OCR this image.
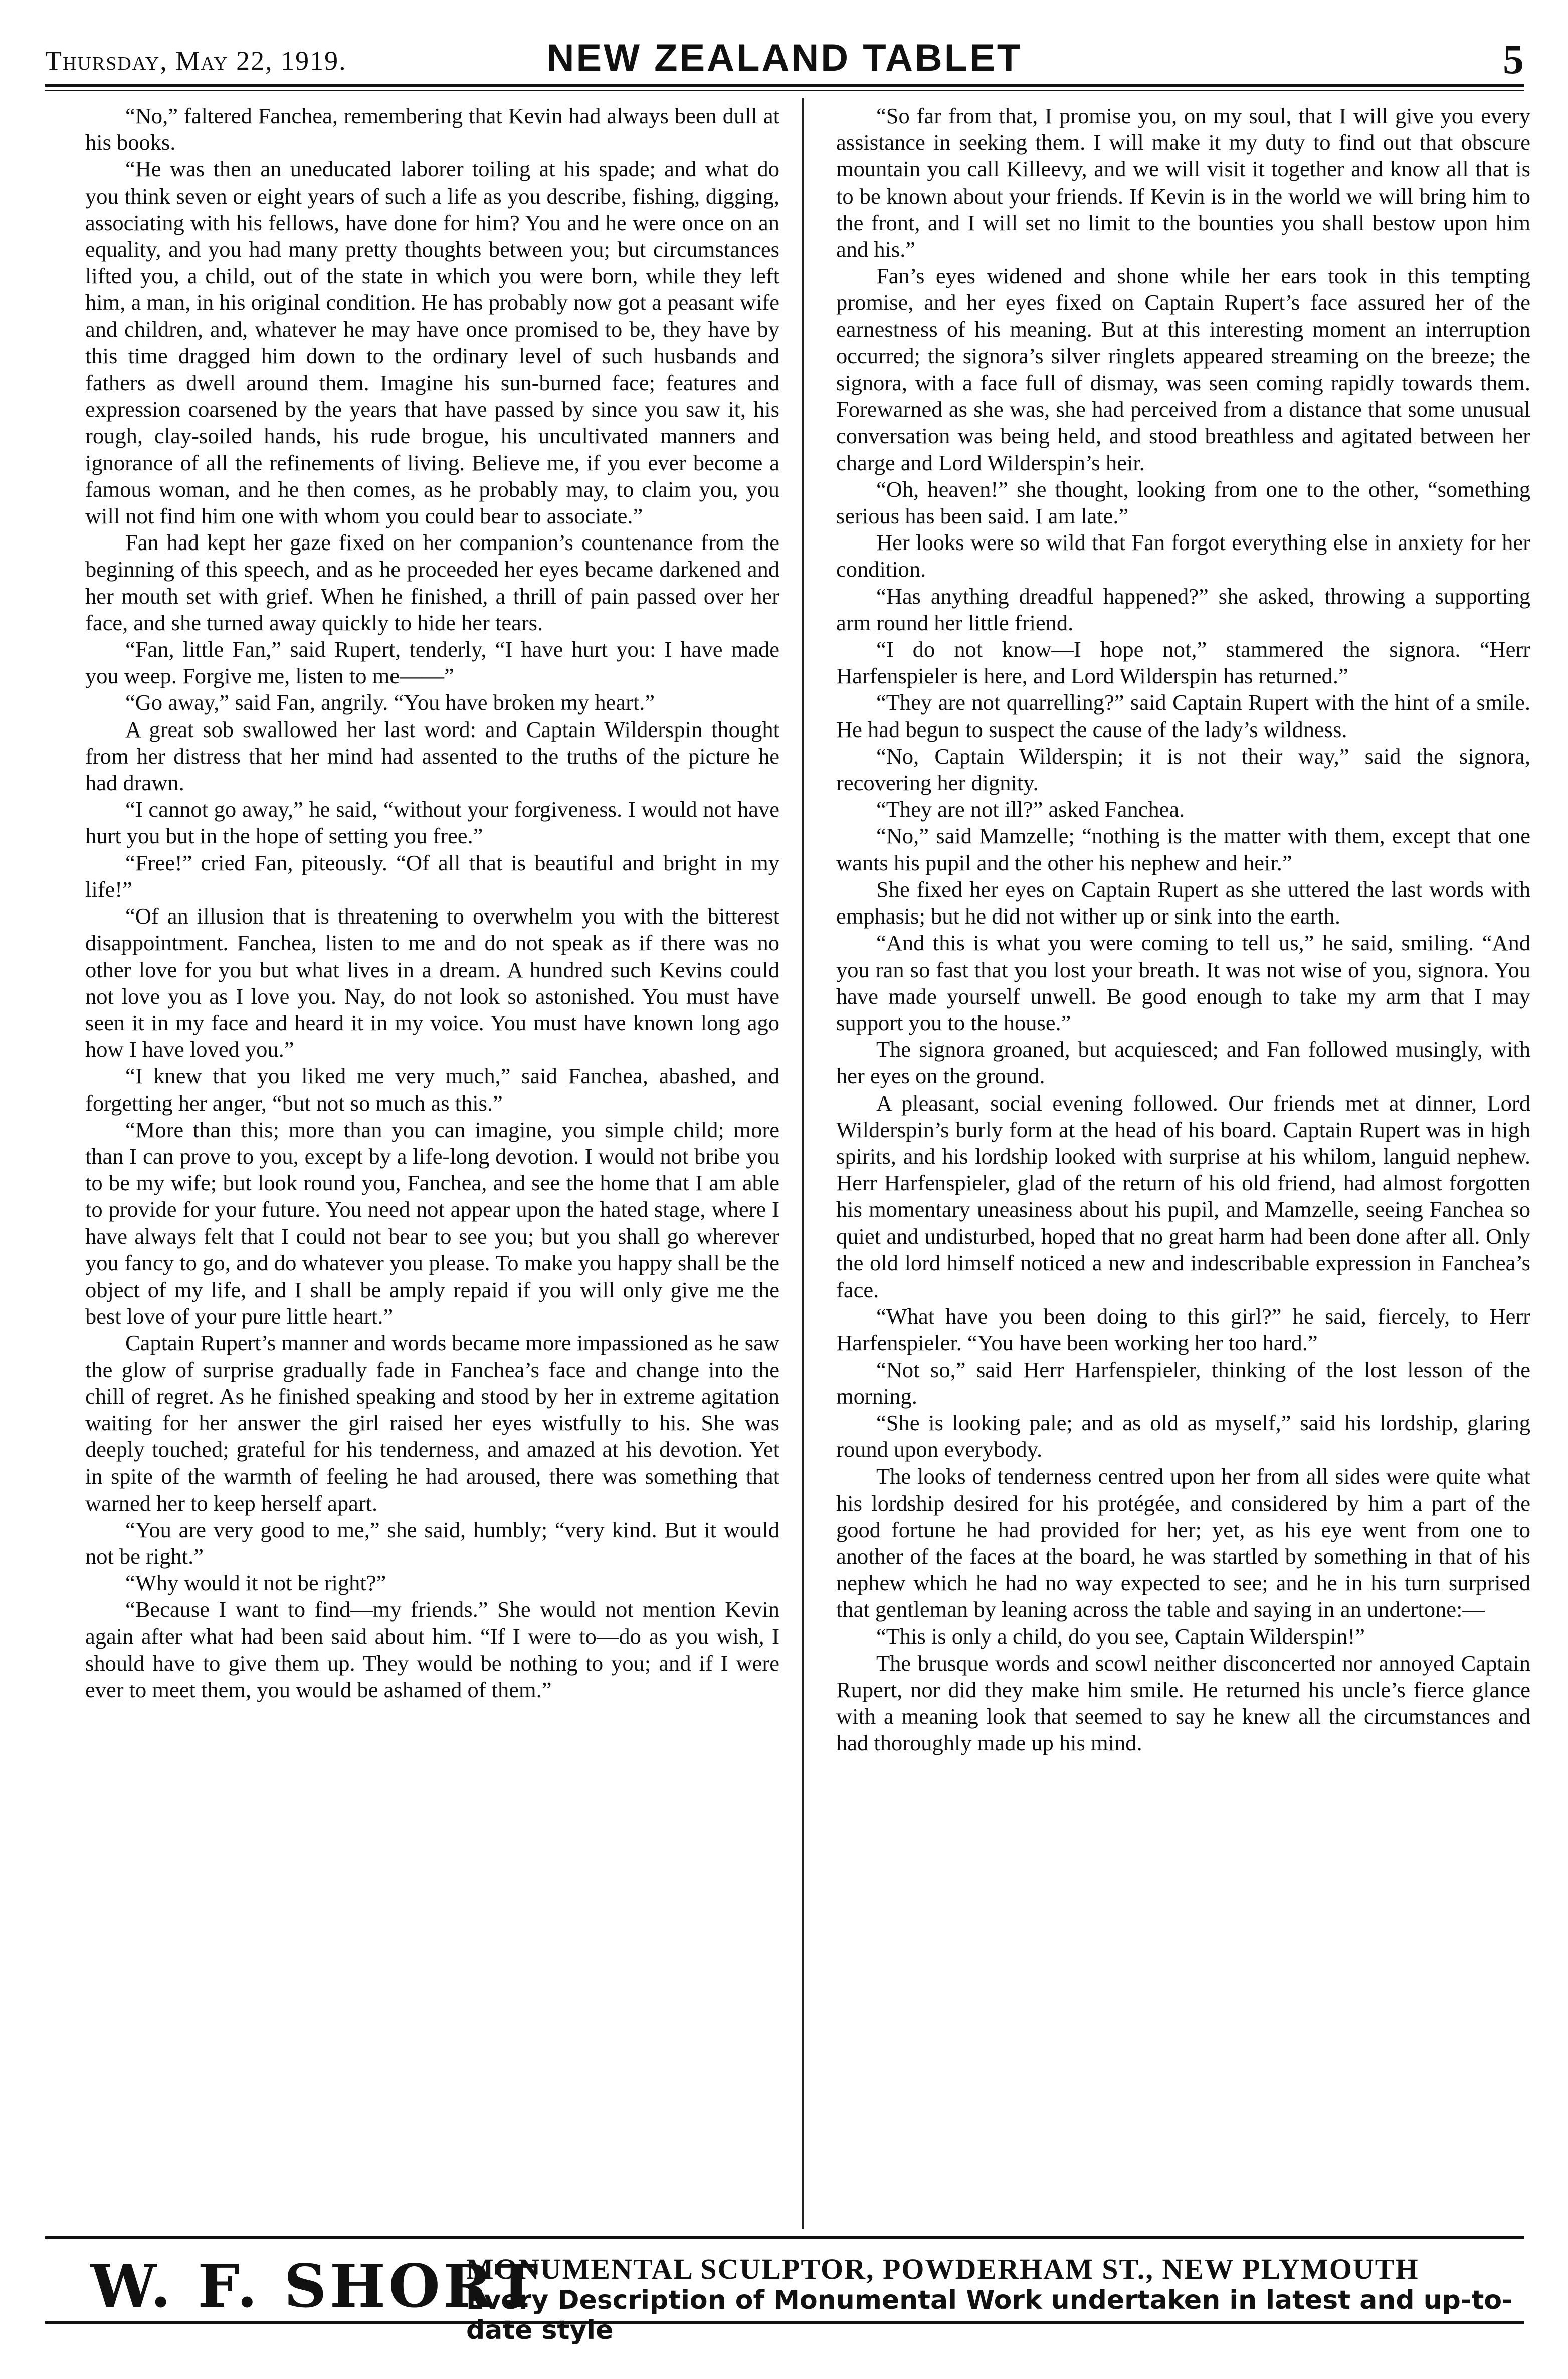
Thursday, May 22, 1919.	NEW ZEALAND TABLET	5

“No,” faltered Fanchea, remembering that Kevin had always been dull at his books.

“He was then an uneducated laborer toiling at his spade; and what do you think seven or eight years of such a life as you describe, fishing, digging, associating with his fellows, have done for him? You and he were once on an equality, and you had many pretty thoughts between you; but circumstances lifted you, a child, out of the state in which you were born, while they left him, a man, in his original condition. He has probably now got a peasant wife and children, and, whatever he may have once promised to be, they have by this time dragged him down to the ordinary level of such husbands and fathers as dwell around them. Imagine his sun-burned face; features and expression coarsened by the years that have passed by since you saw it, his rough, clay-soiled hands, his rude brogue, his uncultivated manners and ignorance of all the refinements of living. Believe me, if you ever become a famous woman, and he then comes, as he probably may, to claim you, you will not find him one with whom you could bear to associate.”

Fan had kept her gaze fixed on her companion’s countenance from the beginning of this speech, and as he proceeded her eyes became darkened and her mouth set with grief. When he finished, a thrill of pain passed over her face, and she turned away quickly to hide her tears.

“Fan, little Fan,” said Rupert, tenderly, “I have hurt you: I have made you weep. Forgive me, listen to me——”

“Go away,” said Fan, angrily. “You have broken my heart.”

A great sob swallowed her last word: and Captain Wilderspin thought from her distress that her mind had assented to the truths of the picture he had drawn.

“I cannot go away,” he said, “without your forgiveness. I would not have hurt you but in the hope of setting you free.”

“Free!” cried Fan, piteously. “Of all that is beautiful and bright in my life!”

“Of an illusion that is threatening to overwhelm you with the bitterest disappointment. Fanchea, listen to me and do not speak as if there was no other love for you but what lives in a dream. A hundred such Kevins could not love you as I love you. Nay, do not look so astonished. You must have seen it in my face and heard it in my voice. You must have known long ago how I have loved you.”

“I knew that you liked me very much,” said Fanchea, abashed, and forgetting her anger, “but not so much as this.”

“More than this; more than you can imagine, you simple child; more than I can prove to you, except by a life-long devotion. I would not bribe you to be my wife; but look round you, Fanchea, and see the home that I am able to provide for your future. You need not appear upon the hated stage, where I have always felt that I could not bear to see you; but you shall go wherever you fancy to go, and do whatever you please. To make you happy shall be the object of my life, and I shall be amply repaid if you will only give me the best love of your pure little heart.”

Captain Rupert’s manner and words became more impassioned as he saw the glow of surprise gradually fade in Fanchea’s face and change into the chill of regret. As he finished speaking and stood by her in extreme agitation waiting for her answer the girl raised her eyes wistfully to his. She was deeply touched; grateful for his tenderness, and amazed at his devotion. Yet in spite of the warmth of feeling he had aroused, there was something that warned her to keep herself apart.

“You are very good to me,” she said, humbly; “very kind. But it would not be right.”

“Why would it not be right?”

“Because I want to find—my friends.” She would not mention Kevin again after what had been said about him. “If I were to—do as you wish, I should have to give them up. They would be nothing to you; and if I were ever to meet them, you would be ashamed of them.”

“So far from that, I promise you, on my soul, that I will give you every assistance in seeking them. I will make it my duty to find out that obscure mountain you call Killeevy, and we will visit it together and know all that is to be known about your friends. If Kevin is in the world we will bring him to the front, and I will set no limit to the bounties you shall bestow upon him and his.”

Fan’s eyes widened and shone while her ears took in this tempting promise, and her eyes fixed on Captain Rupert’s face assured her of the earnestness of his meaning. But at this interesting moment an interruption occurred; the signora’s silver ringlets appeared streaming on the breeze; the signora, with a face full of dismay, was seen coming rapidly towards them. Forewarned as she was, she had perceived from a distance that some unusual conversation was being held, and stood breathless and agitated between her charge and Lord Wilderspin’s heir.

“Oh, heaven!” she thought, looking from one to the other, “something serious has been said. I am late.”

Her looks were so wild that Fan forgot everything else in anxiety for her condition.

“Has anything dreadful happened?” she asked, throwing a supporting arm round her little friend.

“I do not know—I hope not,” stammered the signora. “Herr Harfenspieler is here, and Lord Wilderspin has returned.”

“They are not quarrelling?” said Captain Rupert with the hint of a smile. He had begun to suspect the cause of the lady’s wildness.

“No, Captain Wilderspin; it is not their way,” said the signora, recovering her dignity.

“They are not ill?” asked Fanchea.

“No,” said Mamzelle; “nothing is the matter with them, except that one wants his pupil and the other his nephew and heir.”

She fixed her eyes on Captain Rupert as she uttered the last words with emphasis; but he did not wither up or sink into the earth.

“And this is what you were coming to tell us,” he said, smiling. “And you ran so fast that you lost your breath. It was not wise of you, signora. You have made yourself unwell. Be good enough to take my arm that I may support you to the house.”

The signora groaned, but acquiesced; and Fan followed musingly, with her eyes on the ground.

A pleasant, social evening followed. Our friends met at dinner, Lord Wilderspin’s burly form at the head of his board. Captain Rupert was in high spirits, and his lordship looked with surprise at his whilom, languid nephew. Herr Harfenspieler, glad of the return of his old friend, had almost forgotten his momentary uneasiness about his pupil, and Mamzelle, seeing Fanchea so quiet and undisturbed, hoped that no great harm had been done after all. Only the old lord himself noticed a new and indescribable expression in Fanchea’s face.

“What have you been doing to this girl?” he said, fiercely, to Herr Harfenspieler. “You have been working her too hard.”

“Not so,” said Herr Harfenspieler, thinking of the lost lesson of the morning.

“She is looking pale; and as old as myself,” said his lordship, glaring round upon everybody.

The looks of tenderness centred upon her from all sides were quite what his lordship desired for his protégée, and considered by him a part of the good fortune he had provided for her; yet, as his eye went from one to another of the faces at the board, he was startled by something in that of his nephew which he had no way expected to see; and he in his turn surprised that gentleman by leaning across the table and saying in an undertone:—

“This is only a child, do you see, Captain Wilderspin!”

The brusque words and scowl neither disconcerted nor annoyed Captain Rupert, nor did they make him smile. He returned his uncle’s fierce glance with a meaning look that seemed to say he knew all the circumstances and had thoroughly made up his mind.

W. F. SHORT
MONUMENTAL SCULPTOR, POWDERHAM ST., NEW PLYMOUTH
Every Description of Monumental Work undertaken in latest and up-to-date style
